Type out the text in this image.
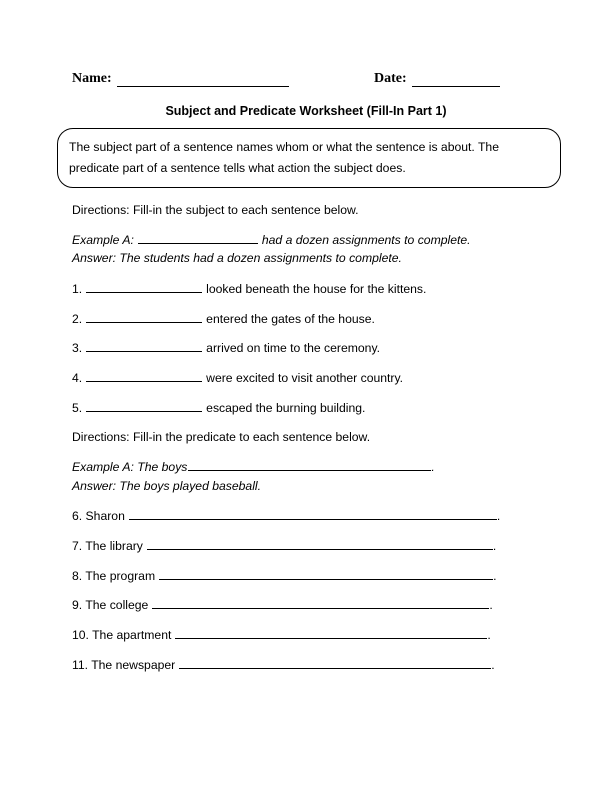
Name:	Date:
Subject and Predicate Worksheet (Fill-In Part 1)
The subject part of a sentence names whom or what the sentence is about. The predicate part of a sentence tells what action the subject does.
Directions: Fill-in the subject to each sentence below.
Example A:	had a dozen assignments to complete.
Answer: The students had a dozen assignments to complete.
1.	looked beneath the house for the kittens.
2.	entered the gates of the house.
3.	arrived on time to the ceremony.
4.	were excited to visit another country.
5.	escaped the burning building.
Directions: Fill-in the predicate to each sentence below.
Example A: The boys	.
Answer: The boys played baseball.
6. Sharon	.
7. The library	.
8. The program	.
9. The college	.
10. The apartment	.
11. The newspaper	.
